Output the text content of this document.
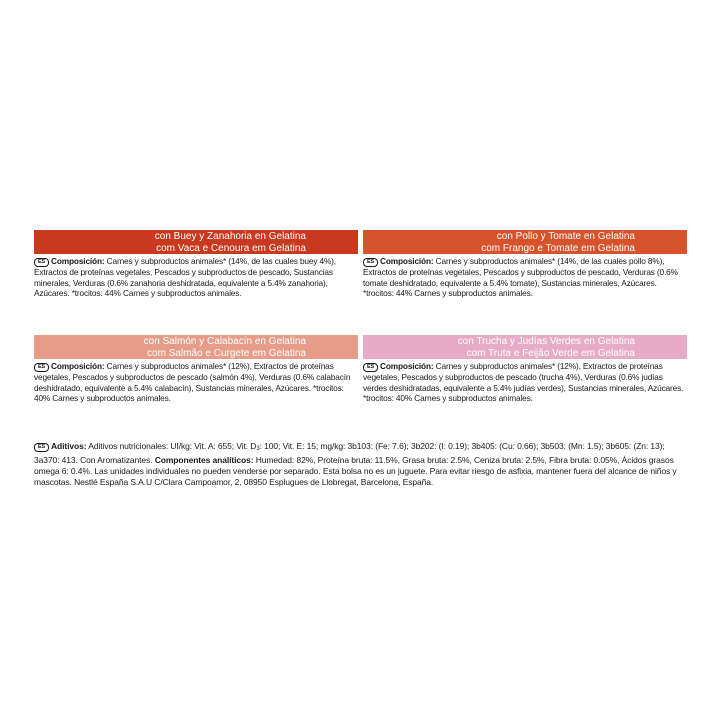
con Buey y Zanahoria en Gelatina
com Vaca e Cenoura em Gelatina
ES Composición: Carnes y subproductos animales* (14%, de las cuales buey 4%), Extractos de proteínas vegetales, Pescados y subproductos de pescado, Sustancias minerales, Verduras (0.6% zanahoria deshidratada, equivalente a 5.4% zanahoria), Azúcares. *trocitos: 44% Carnes y subproductos animales.
con Pollo y Tomate en Gelatina
com Frango e Tomate em Gelatina
ES Composición: Carnes y subproductos animales* (14%, de las cuales pollo 8%), Extractos de proteínas vegetales, Pescados y subproductos de pescado, Verduras (0.6% tomate deshidratado, equivalente a 5.4% tomate), Sustancias minerales, Azúcares. *trocitos: 44% Carnes y subproductos animales.
con Salmón y Calabacín en Gelatina
com Salmão e Curgete em Gelatina
ES Composición: Carnes y subproductos animales* (12%), Extractos de proteínas vegetales, Pescados y subproductos de pescado (salmón 4%), Verduras (0.6% calabacín deshidratado, equivalente a 5.4% calabacín), Sustancias minerales, Azúcares. *trocitos: 40% Carnes y subproductos animales.
con Trucha y Judías Verdes en Gelatina
com Truta e Feijão Verde em Gelatina
ES Composición: Carnes y subproductos animales* (12%), Extractos de proteínas vegetales, Pescados y subproductos de pescado (trucha 4%), Verduras (0.6% judías verdes deshidratadas, equivalente a 5.4% judías verdes), Sustancias minerales, Azúcares. *trocitos: 40% Carnes y subproductos animales.
ES Aditivos: Aditivos nutricionales: UI/kg: Vit. A: 655; Vit. D3: 100; Vit. E: 15; mg/kg: 3b103: (Fe: 7.6); 3b202: (I: 0.19); 3b405: (Cu: 0.66); 3b503: (Mn: 1.5); 3b605: (Zn: 13); 3a370: 413. Con Aromatizantes. Componentes analíticos: Humedad: 82%, Proteína bruta: 11.5%, Grasa bruta: 2.5%, Ceniza bruta: 2.5%, Fibra bruta: 0.05%, Ácidos grasos omega 6: 0.4%. Las unidades individuales no pueden venderse por separado. Esta bolsa no es un juguete. Para evitar riesgo de asfixia, mantener fuera del alcance de niños y mascotas. Nestlé España S.A.U C/Clara Campoamor, 2, 08950 Esplugues de Llobregat, Barcelona, España.
